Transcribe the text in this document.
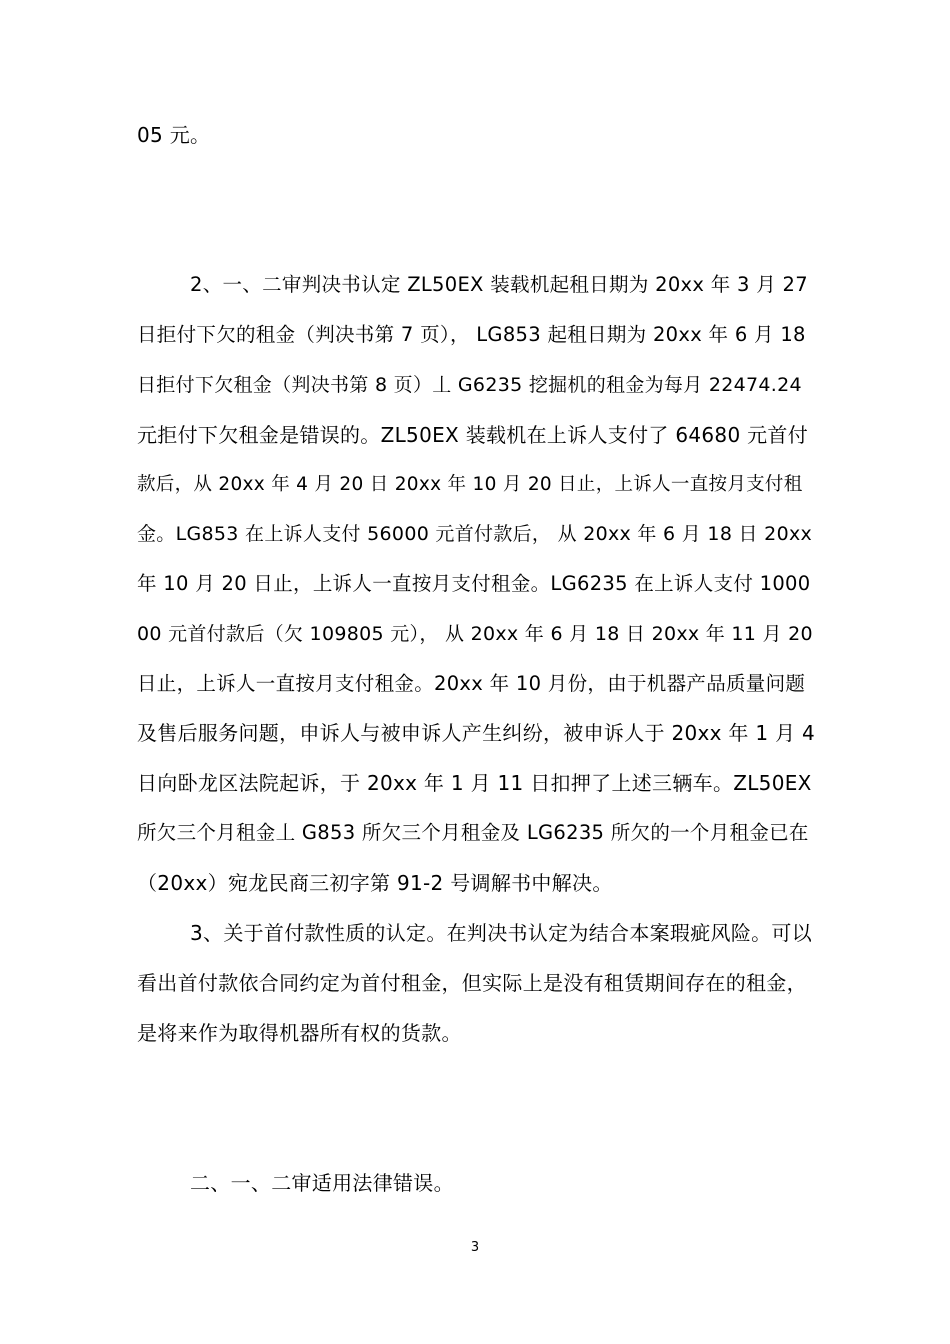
05 元。
2、一、二审判决书认定 ZL50EX 装载机起租日期为 20xx 年 3 月 27
日拒付下欠的租金（判决书第 7 页）， LG853 起租日期为 20xx 年 6 月 18
日拒付下欠租金（判决书第 8 页）丄 G6235 挖掘机的租金为每月 22474.24
元拒付下欠租金是错误的。ZL50EX 装载机在上诉人支付了 64680 元首付
款后，从 20xx 年 4 月 20 日 20xx 年 10 月 20 日止，上诉人一直按月支付租
金。LG853 在上诉人支付 56000 元首付款后， 从 20xx 年 6 月 18 日 20xx
年 10 月 20 日止，上诉人一直按月支付租金。LG6235 在上诉人支付 1000
00 元首付款后（欠 109805 元）， 从 20xx 年 6 月 18 日 20xx 年 11 月 20
日止，上诉人一直按月支付租金。20xx 年 10 月份，由于机器产品质量问题
及售后服务问题，申诉人与被申诉人产生纠纷，被申诉人于 20xx 年 1 月 4
日向卧龙区法院起诉，于 20xx 年 1 月 11 日扣押了上述三辆车。ZL50EX
所欠三个月租金丄 G853 所欠三个月租金及 LG6235 所欠的一个月租金已在
（20xx）宛龙民商三初字第 91-2 号调解书中解决。
3、关于首付款性质的认定。在判决书认定为结合本案瑕疵风险。可以
看出首付款依合同约定为首付租金，但实际上是没有租赁期间存在的租金，
是将来作为取得机器所有权的货款。
二、一、二审适用法律错误。
3
